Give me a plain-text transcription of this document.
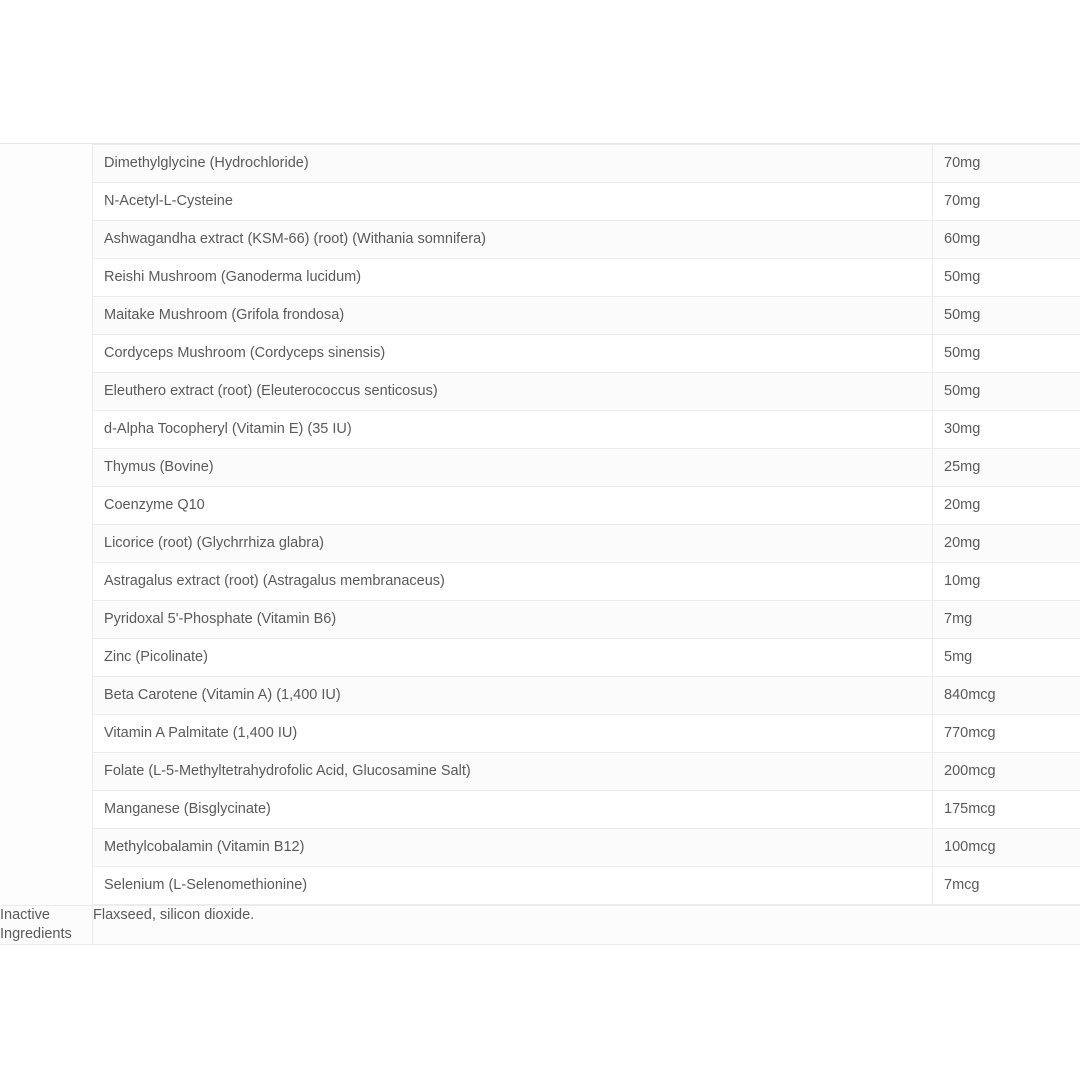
Dimethylglycine (Hydrochloride)	70mg
N-Acetyl-L-Cysteine	70mg
Ashwagandha extract (KSM-66) (root) (Withania somnifera)	60mg
Reishi Mushroom (Ganoderma lucidum)	50mg
Maitake Mushroom (Grifola frondosa)	50mg
Cordyceps Mushroom (Cordyceps sinensis)	50mg
Eleuthero extract (root) (Eleuterococcus senticosus)	50mg
d-Alpha Tocopheryl (Vitamin E) (35 IU)	30mg
Thymus (Bovine)	25mg
Coenzyme Q10	20mg
Licorice (root) (Glychrrhiza glabra)	20mg
Astragalus extract (root) (Astragalus membranaceus)	10mg
Pyridoxal 5'-Phosphate (Vitamin B6)	7mg
Zinc (Picolinate)	5mg
Beta Carotene (Vitamin A) (1,400 IU)	840mcg
Vitamin A Palmitate (1,400 IU)	770mcg
Folate (L-5-Methyltetrahydrofolic Acid, Glucosamine Salt)	200mcg
Manganese (Bisglycinate)	175mcg
Methylcobalamin (Vitamin B12)	100mcg
Selenium (L-Selenomethionine)	7mcg

Inactive Ingredients	Flaxseed, silicon dioxide.
